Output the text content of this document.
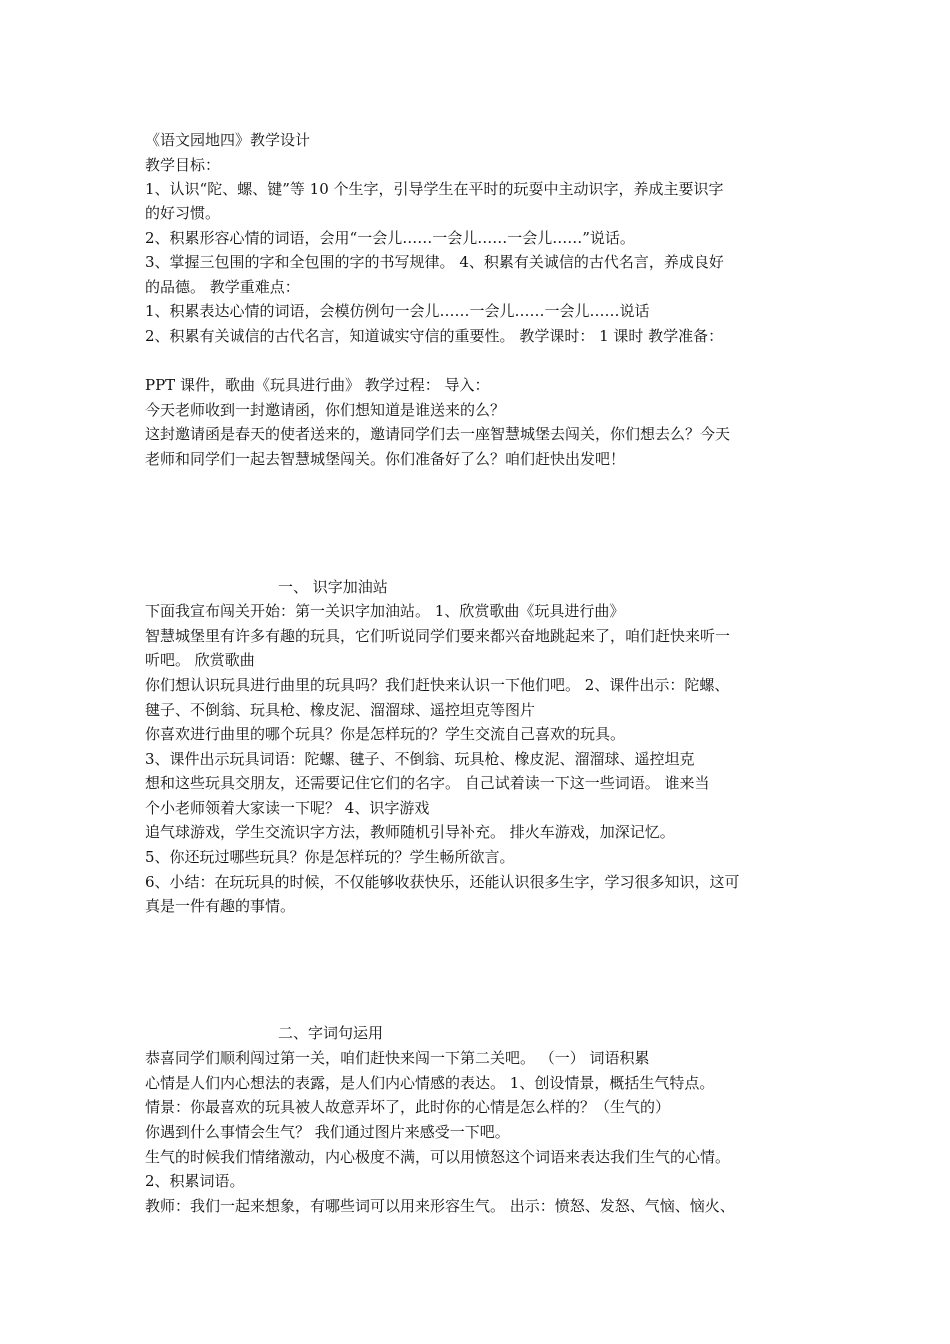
《语文园地四》教学设计
教学目标：
1、认识“陀、螺、键”等 10 个生字，引导学生在平时的玩耍中主动识字，养成主要识字
的好习惯。
2、积累形容心情的词语，会用“一会儿……一会儿……一会儿……”说话。
3、掌握三包围的字和全包围的字的书写规律。 4、积累有关诚信的古代名言，养成良好
的品德。 教学重难点：
1、积累表达心情的词语，会模仿例句一会儿……一会儿……一会儿……说话
2、积累有关诚信的古代名言，知道诚实守信的重要性。 教学课时： 1 课时 教学准备：
PPT 课件，歌曲《玩具进行曲》 教学过程： 导入：
今天老师收到一封邀请函，你们想知道是谁送来的么？
这封邀请函是春天的使者送来的，邀请同学们去一座智慧城堡去闯关，你们想去么？今天
老师和同学们一起去智慧城堡闯关。你们准备好了么？咱们赶快出发吧！
一、 识字加油站
下面我宣布闯关开始：第一关识字加油站。 1、欣赏歌曲《玩具进行曲》
智慧城堡里有许多有趣的玩具，它们听说同学们要来都兴奋地跳起来了，咱们赶快来听一
听吧。 欣赏歌曲
你们想认识玩具进行曲里的玩具吗？我们赶快来认识一下他们吧。 2、课件出示：陀螺、
毽子、不倒翁、玩具枪、橡皮泥、溜溜球、遥控坦克等图片
你喜欢进行曲里的哪个玩具？你是怎样玩的？学生交流自己喜欢的玩具。
3、课件出示玩具词语：陀螺、毽子、不倒翁、玩具枪、橡皮泥、溜溜球、遥控坦克
想和这些玩具交朋友，还需要记住它们的名字。 自己试着读一下这一些词语。 谁来当
个小老师领着大家读一下呢？ 4、识字游戏
追气球游戏，学生交流识字方法，教师随机引导补充。 排火车游戏，加深记忆。
5、你还玩过哪些玩具？你是怎样玩的？学生畅所欲言。
6、小结：在玩玩具的时候，不仅能够收获快乐，还能认识很多生字，学习很多知识，这可
真是一件有趣的事情。
二、字词句运用
恭喜同学们顺利闯过第一关，咱们赶快来闯一下第二关吧。 （一） 词语积累
心情是人们内心想法的表露，是人们内心情感的表达。 1、创设情景，概括生气特点。
情景：你最喜欢的玩具被人故意弄坏了，此时你的心情是怎么样的？（生气的）
你遇到什么事情会生气？ 我们通过图片来感受一下吧。
生气的时候我们情绪激动，内心极度不满，可以用愤怒这个词语来表达我们生气的心情。
2、积累词语。
教师：我们一起来想象，有哪些词可以用来形容生气。 出示：愤怒、发怒、气恼、恼火、
